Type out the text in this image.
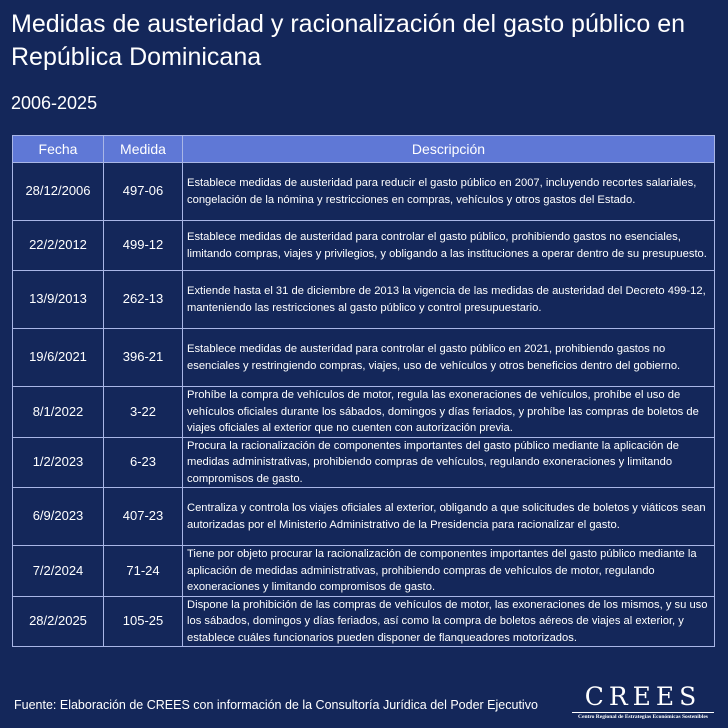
Medidas de austeridad y racionalización del gasto público en República Dominicana
2006-2025
Fecha	Medida	Descripción
28/12/2006	497-06	Establece medidas de austeridad para reducir el gasto público en 2007, incluyendo recortes salariales, congelación de la nómina y restricciones en compras, vehículos y otros gastos del Estado.
22/2/2012	499-12	Establece medidas de austeridad para controlar el gasto público, prohibiendo gastos no esenciales, limitando compras, viajes y privilegios, y obligando a las instituciones a operar dentro de su presupuesto.
13/9/2013	262-13	Extiende hasta el 31 de diciembre de 2013 la vigencia de las medidas de austeridad del Decreto 499-12, manteniendo las restricciones al gasto público y control presupuestario.
19/6/2021	396-21	Establece medidas de austeridad para controlar el gasto público en 2021, prohibiendo gastos no esenciales y restringiendo compras, viajes, uso de vehículos y otros beneficios dentro del gobierno.
8/1/2022	3-22	Prohíbe la compra de vehículos de motor, regula las exoneraciones de vehículos, prohíbe el uso de vehículos oficiales durante los sábados, domingos y días feriados, y prohíbe las compras de boletos de viajes oficiales al exterior que no cuenten con autorización previa.
1/2/2023	6-23	Procura la racionalización de componentes importantes del gasto público mediante la aplicación de medidas administrativas, prohibiendo compras de vehículos, regulando exoneraciones y limitando compromisos de gasto.
6/9/2023	407-23	Centraliza y controla los viajes oficiales al exterior, obligando a que solicitudes de boletos y viáticos sean autorizadas por el Ministerio Administrativo de la Presidencia para racionalizar el gasto.
7/2/2024	71-24	Tiene por objeto procurar la racionalización de componentes importantes del gasto público mediante la aplicación de medidas administrativas, prohibiendo compras de vehículos de motor, regulando exoneraciones y limitando compromisos de gasto.
28/2/2025	105-25	Dispone la prohibición de las compras de vehículos de motor, las exoneraciones de los mismos, y su uso los sábados, domingos y días feriados, así como la compra de boletos aéreos de viajes al exterior, y establece cuáles funcionarios pueden disponer de flanqueadores motorizados.
Fuente: Elaboración de CREES con información de la Consultoría Jurídica del Poder Ejecutivo	CREES
Centro Regional de Estrategias Económicas Sostenibles
